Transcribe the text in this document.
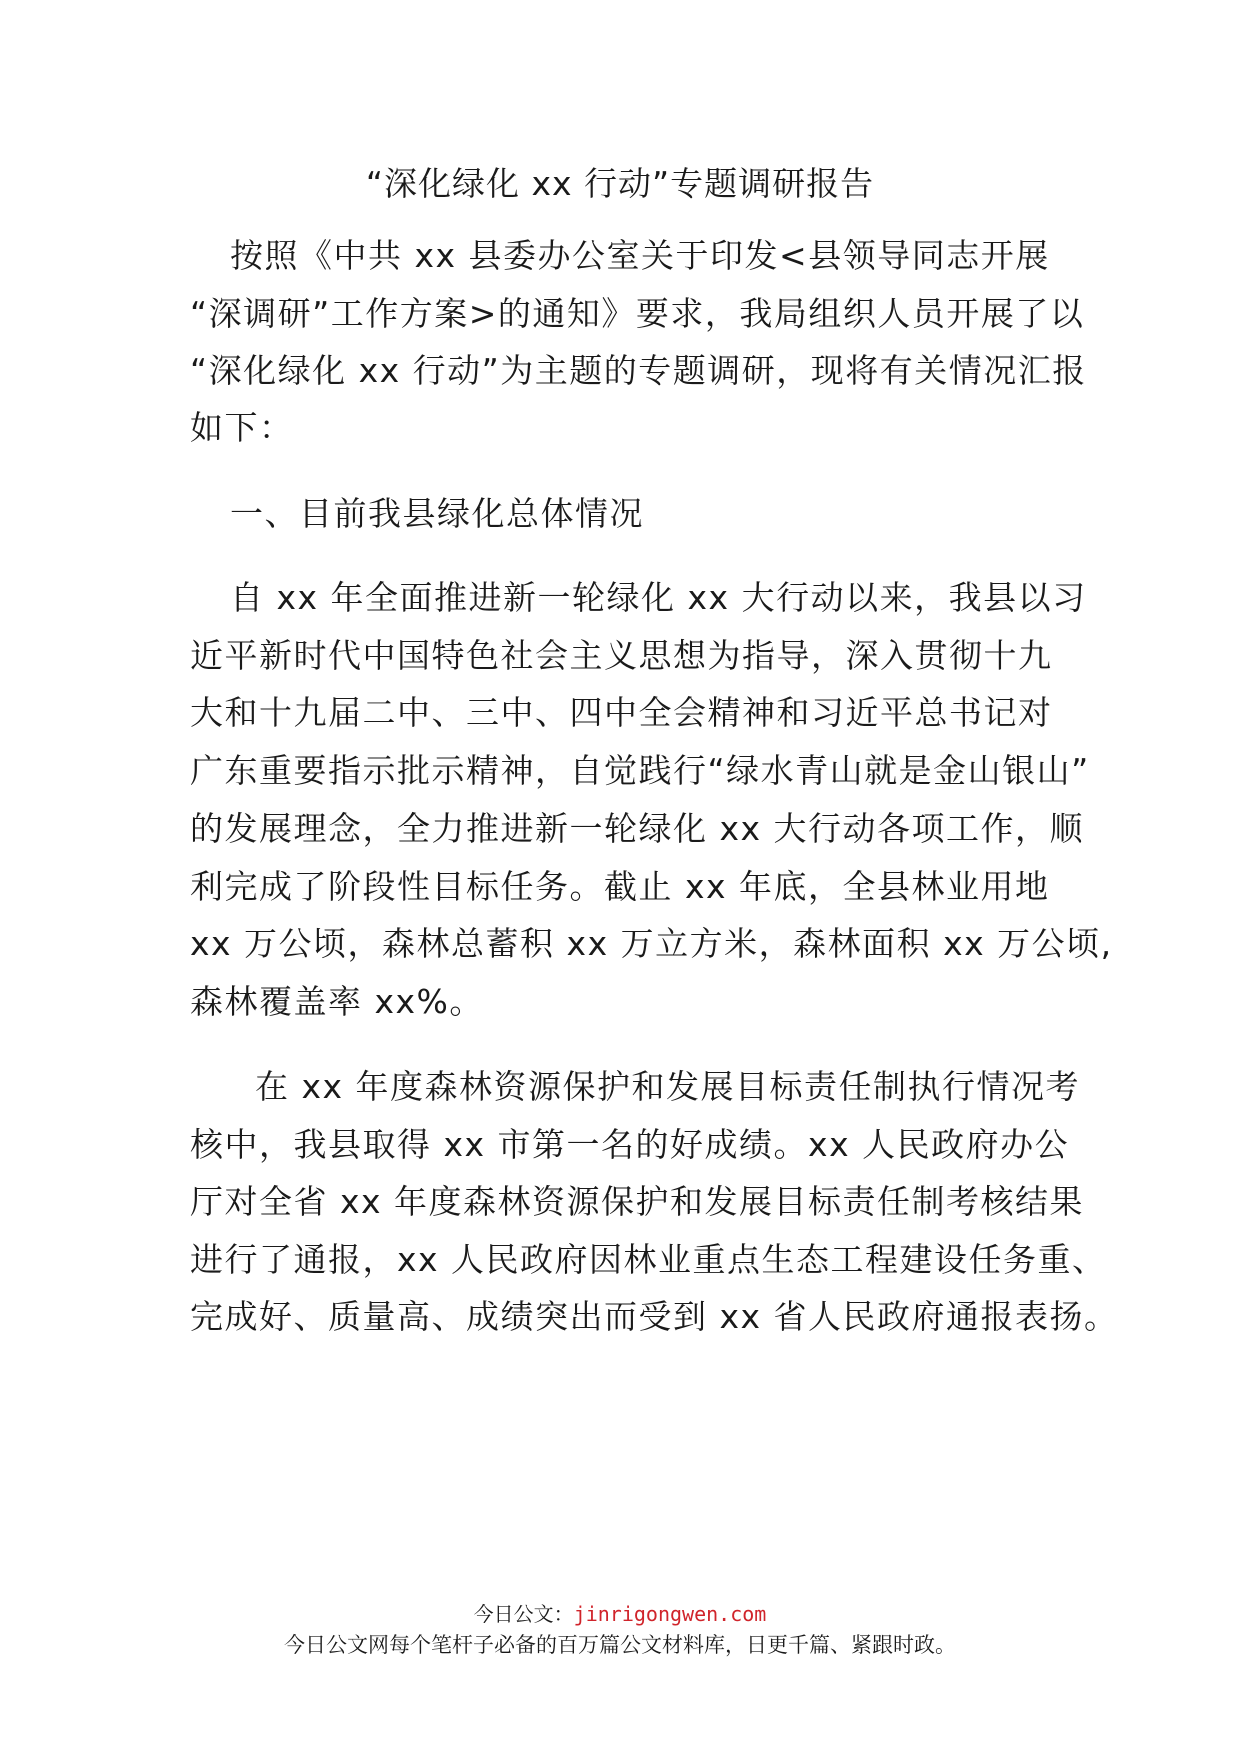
“深化绿化 xx 行动”专题调研报告
按照《中共 xx 县委办公室关于印发<县领导同志开展
“深调研”工作方案>的通知》要求，我局组织人员开展了以
“深化绿化 xx 行动”为主题的专题调研，现将有关情况汇报
如下：
一、目前我县绿化总体情况
自 xx 年全面推进新一轮绿化 xx 大行动以来，我县以习
近平新时代中国特色社会主义思想为指导，深入贯彻十九
大和十九届二中、三中、四中全会精神和习近平总书记对
广东重要指示批示精神，自觉践行“绿水青山就是金山银山”
的发展理念，全力推进新一轮绿化 xx 大行动各项工作，顺
利完成了阶段性目标任务。截止 xx 年底，全县林业用地
xx 万公顷，森林总蓄积 xx 万立方米，森林面积 xx 万公顷,
森林覆盖率 xx%。
在 xx 年度森林资源保护和发展目标责任制执行情况考
核中，我县取得 xx 市第一名的好成绩。xx 人民政府办公
厅对全省 xx 年度森林资源保护和发展目标责任制考核结果
进行了通报，xx 人民政府因林业重点生态工程建设任务重、
完成好、质量高、成绩突出而受到 xx 省人民政府通报表扬。
今日公文：jinrigongwen.com
今日公文网每个笔杆子必备的百万篇公文材料库，日更千篇、紧跟时政。
